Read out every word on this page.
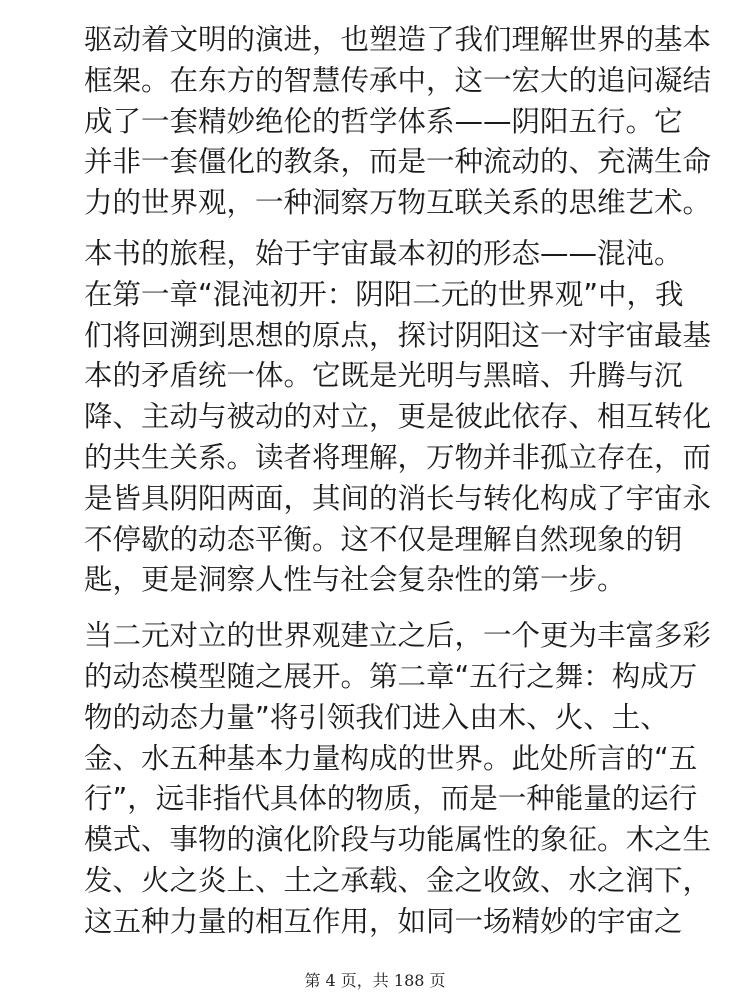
驱动着文明的演进，也塑造了我们理解世界的基本
框架。在东方的智慧传承中，这一宏大的追问凝结
成了一套精妙绝伦的哲学体系——阴阳五行。它
并非一套僵化的教条，而是一种流动的、充满生命
力的世界观，一种洞察万物互联关系的思维艺术。
本书的旅程，始于宇宙最本初的形态——混沌。
在第一章“混沌初开：阴阳二元的世界观”中，我
们将回溯到思想的原点，探讨阴阳这一对宇宙最基
本的矛盾统一体。它既是光明与黑暗、升腾与沉
降、主动与被动的对立，更是彼此依存、相互转化
的共生关系。读者将理解，万物并非孤立存在，而
是皆具阴阳两面，其间的消长与转化构成了宇宙永
不停歇的动态平衡。这不仅是理解自然现象的钥
匙，更是洞察人性与社会复杂性的第一步。
当二元对立的世界观建立之后，一个更为丰富多彩
的动态模型随之展开。第二章“五行之舞：构成万
物的动态力量”将引领我们进入由木、火、土、
金、水五种基本力量构成的世界。此处所言的“五
行”，远非指代具体的物质，而是一种能量的运行
模式、事物的演化阶段与功能属性的象征。木之生
发、火之炎上、土之承载、金之收敛、水之润下，
这五种力量的相互作用，如同一场精妙的宇宙之
第 4 页，共 188 页
